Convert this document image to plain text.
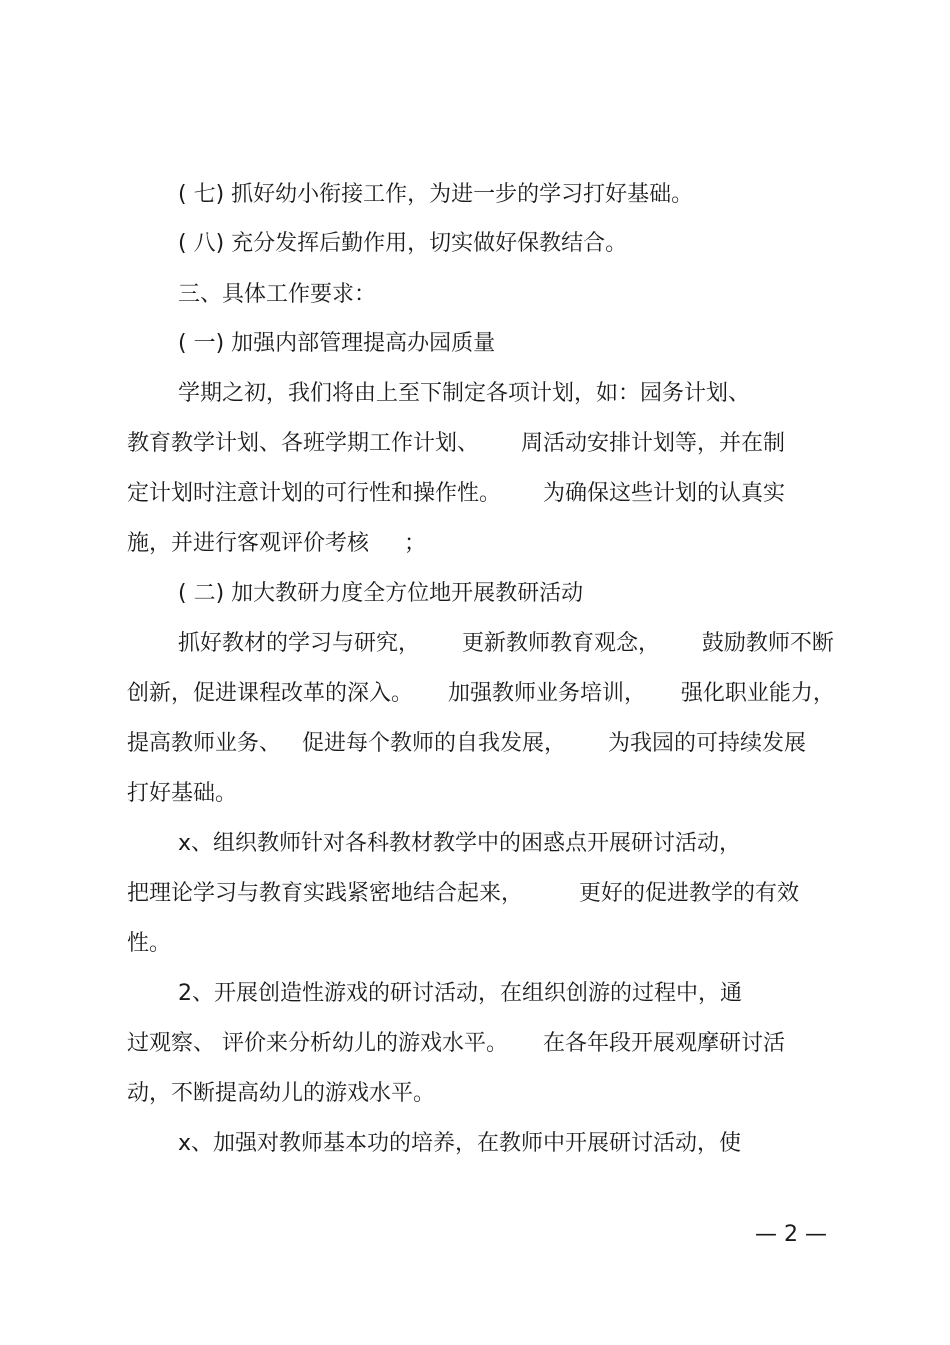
( 七) 抓好幼小衔接工作，为进一步的学习打好基础。
( 八) 充分发挥后勤作用，切实做好保教结合。
三、具体工作要求：
( 一) 加强内部管理提高办园质量
学期之初，我们将由上至下制定各项计划，如：园务计划、
教育教学计划、各班学期工作计划、      周活动安排计划等，并在制
定计划时注意计划的可行性和操作性。      为确保这些计划的认真实
施，并进行客观评价考核     ；
( 二) 加大教研力度全方位地开展教研活动
抓好教材的学习与研究，      更新教师教育观念，      鼓励教师不断
创新，促进课程改革的深入。     加强教师业务培训，     强化职业能力，
提高教师业务、   促进每个教师的自我发展，      为我园的可持续发展
打好基础。
x、组织教师针对各科教材教学中的困惑点开展研讨活动，
把理论学习与教育实践紧密地结合起来，        更好的促进教学的有效
性。
2、开展创造性游戏的研讨活动，在组织创游的过程中，通
过观察、 评价来分析幼儿的游戏水平。     在各年段开展观摩研讨活
动，不断提高幼儿的游戏水平。
x、加强对教师基本功的培养，在教师中开展研讨活动，使
— 2 —
